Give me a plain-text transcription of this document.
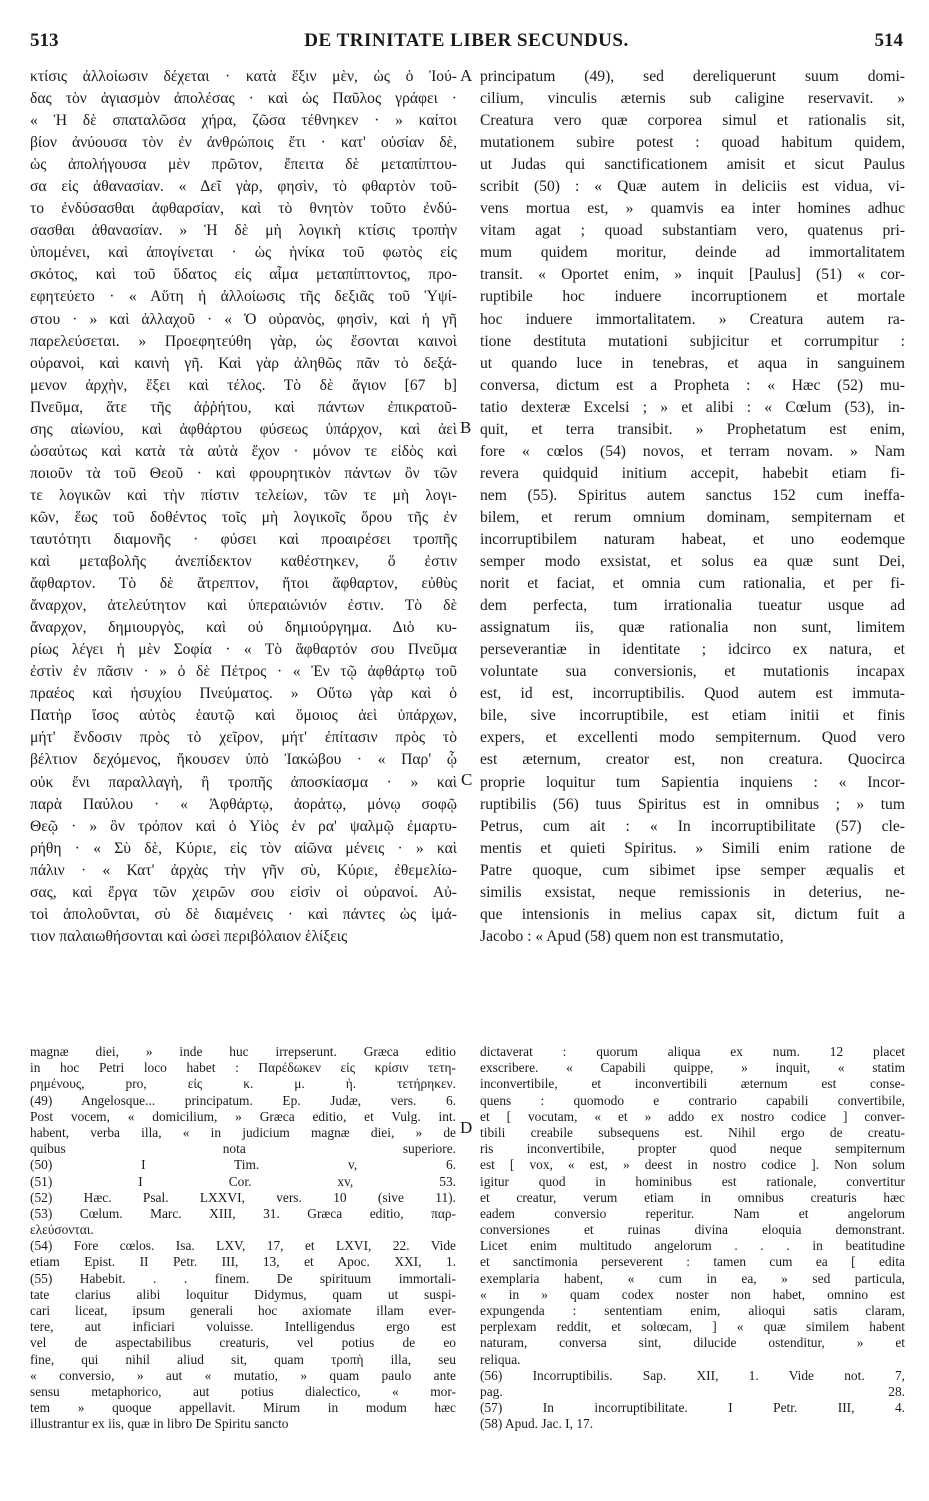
513	DE TRINITATE LIBER SECUNDUS.	514
κτίσις ἀλλοίωσιν δέχεται · κατὰ ἕξιν μὲν, ὡς ὁ Ἰού-
δας τὸν ἁγιασμὸν ἀπολέσας · καὶ ὡς Παῦλος γράφει ·
« Ἡ δὲ σπαταλῶσα χήρα, ζῶσα τέθνηκεν · » καίτοι
βίον ἀνύουσα τὸν ἐν ἀνθρώποις ἔτι · κατ' οὐσίαν δὲ,
ὡς ἀπολήγουσα μὲν πρῶτον, ἔπειτα δὲ μεταπίπτου-
σα εἰς ἀθανασίαν. « Δεῖ γὰρ, φησὶν, τὸ φθαρτὸν τοῦ-
το ἐνδύσασθαι ἀφθαρσίαν, καὶ τὸ θνητὸν τοῦτο ἐνδύ-
σασθαι ἀθανασίαν. » Ἡ δὲ μὴ λογικὴ κτίσις τροπὴν
ὑπομένει, καὶ ἀπογίνεται · ὡς ἡνίκα τοῦ φωτὸς εἰς
σκότος, καὶ τοῦ ὕδατος εἰς αἷμα μεταπίπτοντος, προ-
εφητεύετο · « Αὕτη ἡ ἀλλοίωσις τῆς δεξιᾶς τοῦ Ὑψί-
στου · » καὶ ἀλλαχοῦ · « Ὁ οὐρανὸς, φησὶν, καὶ ἡ γῆ
παρελεύσεται. » Προεφητεύθη γὰρ, ὡς ἔσονται καινοὶ
οὐρανοὶ, καὶ καινὴ γῆ. Καὶ γὰρ ἀληθῶς πᾶν τὸ δεξά-
μενον ἀρχὴν, ἕξει καὶ τέλος. Τὸ δὲ ἅγιον [67 b]
Πνεῦμα, ἅτε τῆς ἀῤῥήτου, καὶ πάντων ἐπικρατοῦ-
σης αἰωνίου, καὶ ἀφθάρτου φύσεως ὑπάρχον, καὶ ἀεὶ
ὡσαύτως καὶ κατὰ τὰ αὐτὰ ἔχον · μόνον τε εἰδὸς καὶ
ποιοῦν τὰ τοῦ Θεοῦ · καὶ φρουρητικὸν πάντων ὂν τῶν
τε λογικῶν καὶ τὴν πίστιν τελείων, τῶν τε μὴ λογι-
κῶν, ἕως τοῦ δοθέντος τοῖς μὴ λογικοῖς ὅρου τῆς ἐν
ταυτότητι διαμονῆς · φύσει καὶ προαιρέσει τροπῆς
καὶ μεταβολῆς ἀνεπίδεκτον καθέστηκεν, ὅ ἐστιν
ἄφθαρτον. Τὸ δὲ ἄτρεπτον, ἤτοι ἄφθαρτον, εὐθὺς
ἄναρχον, ἀτελεύτητον καὶ ὑπεραιώνιόν ἐστιν. Τὸ δὲ
ἄναρχον, δημιουργὸς, καὶ οὐ δημιούργημα. Διὸ κυ-
ρίως λέγει ἡ μὲν Σοφία · « Τὸ ἄφθαρτόν σου Πνεῦμα
ἐστὶν ἐν πᾶσιν · » ὁ δὲ Πέτρος · « Ἐν τῷ ἀφθάρτῳ τοῦ
πραέος καὶ ἡσυχίου Πνεύματος. » Οὕτω γὰρ καὶ ὁ
Πατὴρ ἴσος αὐτὸς ἑαυτῷ καὶ ὅμοιος ἀεὶ ὑπάρχων,
μήτ' ἔνδοσιν πρὸς τὸ χεῖρον, μήτ' ἐπίτασιν πρὸς τὸ
βέλτιον δεχόμενος, ἤκουσεν ὑπὸ Ἰακώβου · « Παρ' ᾧ
οὐκ ἔνι παραλλαγὴ, ἢ τροπῆς ἀποσκίασμα · » καὶ
παρὰ Παύλου · « Ἀφθάρτῳ, ἀοράτῳ, μόνῳ σοφῷ
Θεῷ · » ὃν τρόπον καὶ ὁ Υἱὸς ἐν ρα' ψαλμῷ ἐμαρτυ-
ρήθη · « Σὺ δὲ, Κύριε, εἰς τὸν αἰῶνα μένεις · » καὶ
πάλιν · « Κατ' ἀρχὰς τὴν γῆν σὺ, Κύριε, ἐθεμελίω-
σας, καὶ ἔργα τῶν χειρῶν σου εἰσὶν οἱ οὐρανοί. Αὐ-
τοὶ ἀπολοῦνται, σὺ δὲ διαμένεις · καὶ πάντες ὡς ἱμά-
τιον παλαιωθήσονται καὶ ὡσεὶ περιβόλαιον ἑλίξεις
principatum (49), sed dereliquerunt suum domi-
cilium, vinculis æternis sub caligine reservavit. »
Creatura vero quæ corporea simul et rationalis sit,
mutationem subire potest : quoad habitum quidem,
ut Judas qui sanctificationem amisit et sicut Paulus
scribit (50) : « Quæ autem in deliciis est vidua, vi-
vens mortua est, » quamvis ea inter homines adhuc
vitam agat ; quoad substantiam vero, quatenus pri-
mum quidem moritur, deinde ad immortalitatem
transit. « Oportet enim, » inquit [Paulus] (51) « cor-
ruptibile hoc induere incorruptionem et mortale
hoc induere immortalitatem. » Creatura autem ra-
tione destituta mutationi subjicitur et corrumpitur :
ut quando luce in tenebras, et aqua in sanguinem
conversa, dictum est a Propheta : « Hæc (52) mu-
tatio dexteræ Excelsi ; » et alibi : « Cœlum (53), in-
quit, et terra transibit. » Prophetatum est enim,
fore « cœlos (54) novos, et terram novam. » Nam
revera quidquid initium accepit, habebit etiam fi-
nem (55). Spiritus autem sanctus 152 cum ineffa-
bilem, et rerum omnium dominam, sempiternam et
incorruptibilem naturam habeat, et uno eodemque
semper modo exsistat, et solus ea quæ sunt Dei,
norit et faciat, et omnia cum rationalia, et per fi-
dem perfecta, tum irrationalia tueatur usque ad
assignatum iis, quæ rationalia non sunt, limitem
perseverantiæ in identitate ; idcirco ex natura, et
voluntate sua conversionis, et mutationis incapax
est, id est, incorruptibilis. Quod autem est immuta-
bile, sive incorruptibile, est etiam initii et finis
expers, et excellenti modo sempiternum. Quod vero
est æternum, creator est, non creatura. Quocirca
proprie loquitur tum Sapientia inquiens : « Incor-
ruptibilis (56) tuus Spiritus est in omnibus ; » tum
Petrus, cum ait : « In incorruptibilitate (57) cle-
mentis et quieti Spiritus. » Simili enim ratione de
Patre quoque, cum sibimet ipse semper æqualis et
similis exsistat, neque remissionis in deterius, ne-
que intensionis in melius capax sit, dictum fuit a
Jacobo : « Apud (58) quem non est transmutatio,
A
B
C
D
magnæ diei, » inde huc irrepserunt. Græca editio
in hoc Petri loco habet : Παρέδωκεν εἰς κρίσιν τετη-
ρημένους, pro, εἰς κ. μ. ἡ. τετήρηκεν.
(49) Angelosque... principatum. Ep. Judæ, vers. 6.
Post vocem, « domicilium, » Græca editio, et Vulg. int.
habent, verba illa, « in judicium magnæ diei, » de
quibus nota superiore.
(50) I Tim. v, 6.
(51) I Cor. xv, 53.
(52) Hæc. Psal. LXXVI, vers. 10 (sive 11).
(53) Cœlum. Marc. XIII, 31. Græca editio, παρ-
ελεύσονται.
(54) Fore cœlos. Isa. LXV, 17, et LXVI, 22. Vide
etiam Epist. II Petr. III, 13, et Apoc. XXI, 1.
(55) Habebit. . . finem. De spirituum immortali-
tate clarius alibi loquitur Didymus, quam ut suspi-
cari liceat, ipsum generali hoc axiomate illam ever-
tere, aut inficiari voluisse. Intelligendus ergo est
vel de aspectabilibus creaturis, vel potius de eo
fine, qui nihil aliud sit, quam τροπὴ illa, seu
« conversio, » aut « mutatio, » quam paulo ante
sensu metaphorico, aut potius dialectico, « mor-
tem » quoque appellavit. Mirum in modum hæc
illustrantur ex iis, quæ in libro De Spiritu sancto
dictaverat : quorum aliqua ex num. 12 placet
exscribere. « Capabili quippe, » inquit, « statim
inconvertibile, et inconvertibili æternum est conse-
quens : quomodo e contrario capabili convertibile,
et [ vocutam, « et » addo ex nostro codice ] conver-
tibili creabile subsequens est. Nihil ergo de creatu-
ris inconvertibile, propter quod neque sempiternum
est [ vox, « est, » deest in nostro codice ]. Non solum
igitur quod in hominibus est rationale, convertitur
et creatur, verum etiam in omnibus creaturis hæc
eadem conversio reperitur. Nam et angelorum
conversiones et ruinas divina eloquia demonstrant.
Licet enim multitudo angelorum . . . in beatitudine
et sanctimonia perseverent : tamen cum ea [ edita
exemplaria habent, « cum in ea, » sed particula,
« in » quam codex noster non habet, omnino est
expungenda : sententiam enim, alioqui satis claram,
perplexam reddit, et solœcam, ] « quæ similem habent
naturam, conversa sint, dilucide ostenditur, » et
reliqua.
(56) Incorruptibilis. Sap. XII, 1. Vide not. 7,
pag. 28.
(57) In incorruptibilitate. I Petr. III, 4.
(58) Apud. Jac. I, 17.
